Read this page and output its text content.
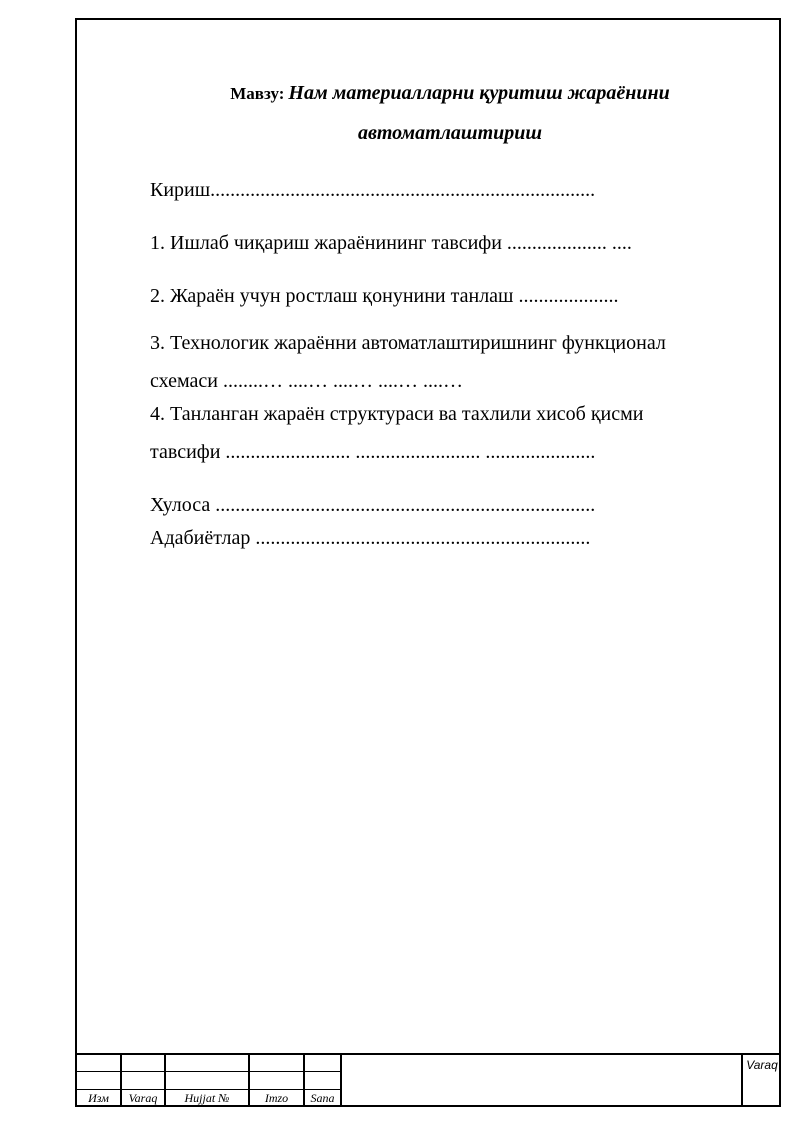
Мавзу: Нам материалларни қуритиш жараёнини
автоматлаштириш
Кириш.............................................................................
1. Ишлаб чиқариш жараёнининг тавсифи .................... ....
2. Жараён учун ростлаш қонунини танлаш ....................
3. Технологик жараённи автоматлаштиришнинг функционал
схемаси ........… ....… ....… ....… ....…
4. Танланган жараён структураси ва тахлили хисоб қисми
тавсифи ......................... ......................... ......................
Хулоса ............................................................................
Адабиётлар ...................................................................
Изм	Varaq	Hujjat №	Imzo	Sana
Varaq
